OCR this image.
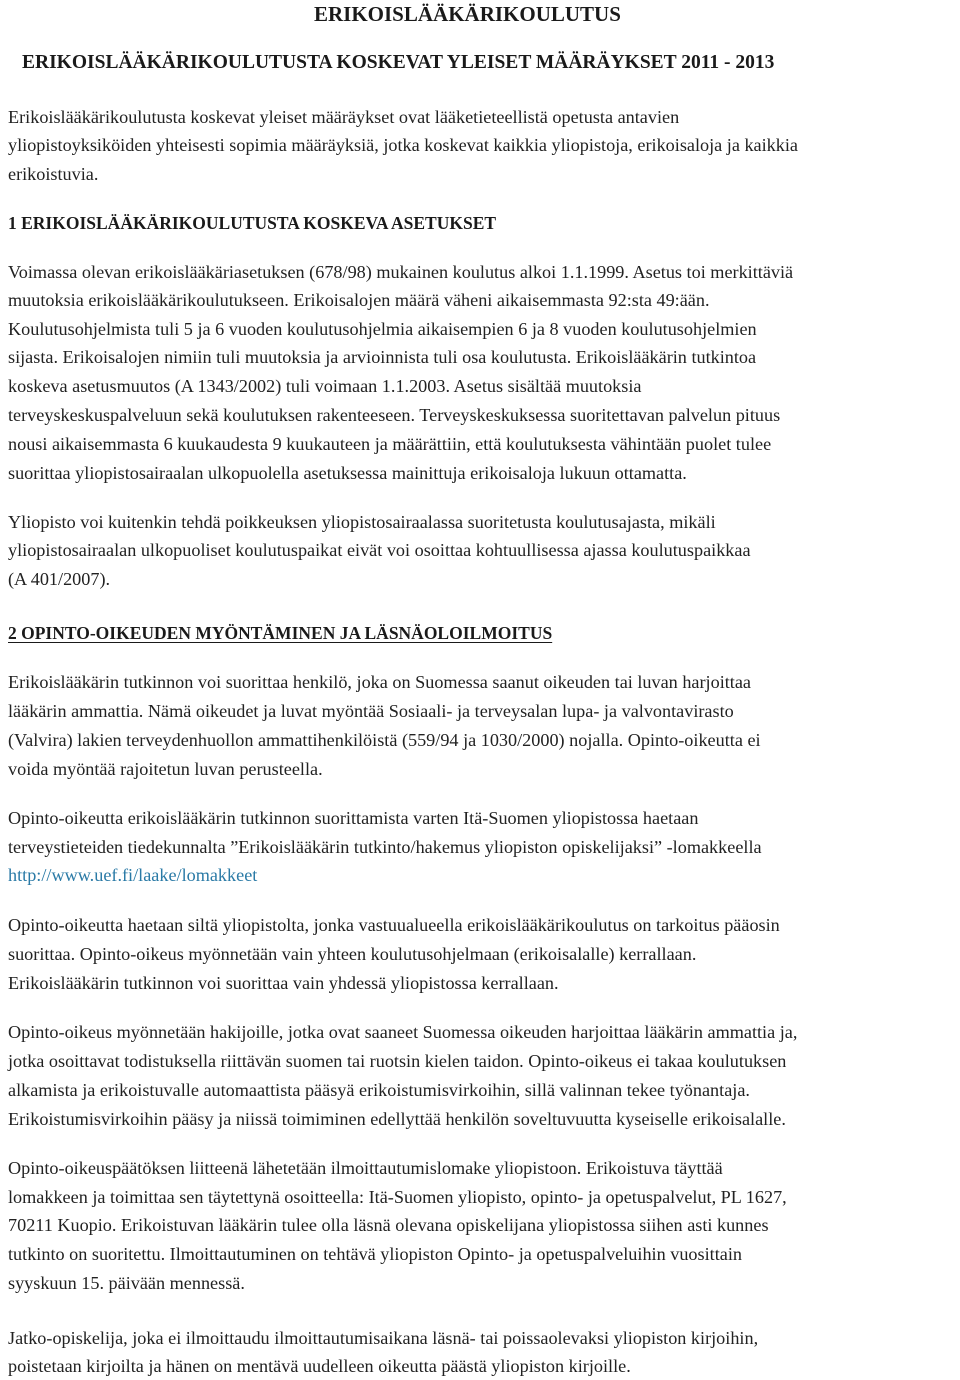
ERIKOISLÄÄKÄRIKOULUTUS
ERIKOISLÄÄKÄRIKOULUTUSTA KOSKEVAT YLEISET MÄÄRÄYKSET 2011 - 2013

Erikoislääkärikoulutusta koskevat yleiset määräykset ovat lääketieteellistä opetusta antavien

yliopistoyksiköiden yhteisesti sopimia määräyksiä, jotka koskevat kaikkia yliopistoja, erikoisaloja ja kaikkia

erikoistuvia.

1 ERIKOISLÄÄKÄRIKOULUTUSTA KOSKEVA ASETUKSET

Voimassa olevan erikoislääkäriasetuksen (678/98) mukainen koulutus alkoi 1.1.1999. Asetus toi merkittäviä

muutoksia erikoislääkärikoulutukseen. Erikoisalojen määrä väheni aikaisemmasta 92:sta 49:ään.

Koulutusohjelmista tuli 5 ja 6 vuoden koulutusohjelmia aikaisempien 6 ja 8 vuoden koulutusohjelmien

sijasta. Erikoisalojen nimiin tuli muutoksia ja arvioinnista tuli osa koulutusta. Erikoislääkärin tutkintoa

koskeva asetusmuutos (A 1343/2002) tuli voimaan 1.1.2003. Asetus sisältää muutoksia

terveyskeskuspalveluun sekä koulutuksen rakenteeseen. Terveyskeskuksessa suoritettavan palvelun pituus

nousi aikaisemmasta 6 kuukaudesta 9 kuukauteen ja määrättiin, että koulutuksesta vähintään puolet tulee

suorittaa yliopistosairaalan ulkopuolella asetuksessa mainittuja erikoisaloja lukuun ottamatta.

Yliopisto voi kuitenkin tehdä poikkeuksen yliopistosairaalassa suoritetusta koulutusajasta, mikäli

yliopistosairaalan ulkopuoliset koulutuspaikat eivät voi osoittaa kohtuullisessa ajassa koulutuspaikkaa

(A 401/2007).

2 OPINTO-OIKEUDEN MYÖNTÄMINEN JA LÄSNÄOLOILMOITUS

Erikoislääkärin tutkinnon voi suorittaa henkilö, joka on Suomessa saanut oikeuden tai luvan harjoittaa

lääkärin ammattia. Nämä oikeudet ja luvat myöntää Sosiaali- ja terveysalan lupa- ja valvontavirasto

(Valvira) lakien terveydenhuollon ammattihenkilöistä (559/94 ja 1030/2000) nojalla. Opinto-oikeutta ei

voida myöntää rajoitetun luvan perusteella.

Opinto-oikeutta erikoislääkärin tutkinnon suorittamista varten Itä-Suomen yliopistossa haetaan

terveystieteiden tiedekunnalta ”Erikoislääkärin tutkinto/hakemus yliopiston opiskelijaksi” -lomakkeella

http://www.uef.fi/laake/lomakkeet

Opinto-oikeutta haetaan siltä yliopistolta, jonka vastuualueella erikoislääkärikoulutus on tarkoitus pääosin

suorittaa. Opinto-oikeus myönnetään vain yhteen koulutusohjelmaan (erikoisalalle) kerrallaan.

Erikoislääkärin tutkinnon voi suorittaa vain yhdessä yliopistossa kerrallaan.

Opinto-oikeus myönnetään hakijoille, jotka ovat saaneet Suomessa oikeuden harjoittaa lääkärin ammattia ja,

jotka osoittavat todistuksella riittävän suomen tai ruotsin kielen taidon. Opinto-oikeus ei takaa koulutuksen

alkamista ja erikoistuvalle automaattista pääsyä erikoistumisvirkoihin, sillä valinnan tekee työnantaja.

Erikoistumisvirkoihin pääsy ja niissä toimiminen edellyttää henkilön soveltuvuutta kyseiselle erikoisalalle.

Opinto-oikeuspäätöksen liitteenä lähetetään ilmoittautumislomake yliopistoon. Erikoistuva täyttää

lomakkeen ja toimittaa sen täytettynä osoitteella: Itä-Suomen yliopisto, opinto- ja opetuspalvelut, PL 1627,

70211 Kuopio. Erikoistuvan lääkärin tulee olla läsnä olevana opiskelijana yliopistossa siihen asti kunnes

tutkinto on suoritettu. Ilmoittautuminen on tehtävä yliopiston Opinto- ja opetuspalveluihin vuosittain

syyskuun 15. päivään mennessä.

Jatko-opiskelija, joka ei ilmoittaudu ilmoittautumisaikana läsnä- tai poissaolevaksi yliopiston kirjoihin,

poistetaan kirjoilta ja hänen on mentävä uudelleen oikeutta päästä yliopiston kirjoille.
